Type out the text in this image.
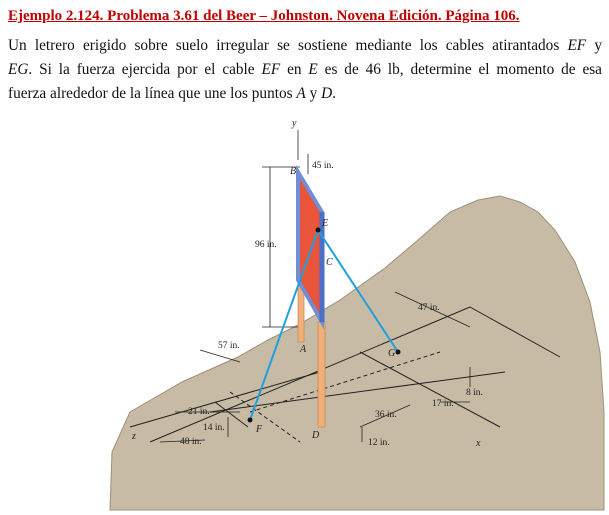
Ejemplo 2.124. Problema 3.61 del Beer – Johnston. Novena Edición. Página 106.
Un letrero erigido sobre suelo irregular se sostiene mediante los cables atirantados EF y
EG. Si la fuerza ejercida por el cable EF en E es de 46 lb, determine el momento de esa
fuerza alrededor de la línea que une los puntos A y D.
y
B
E
C
A	G
F
D
z
x
45 in.
96 in.
47 in.
57 in.
8 in.
17 in.
36 in.
21 in.
14 in.
48 in.	12 in.
